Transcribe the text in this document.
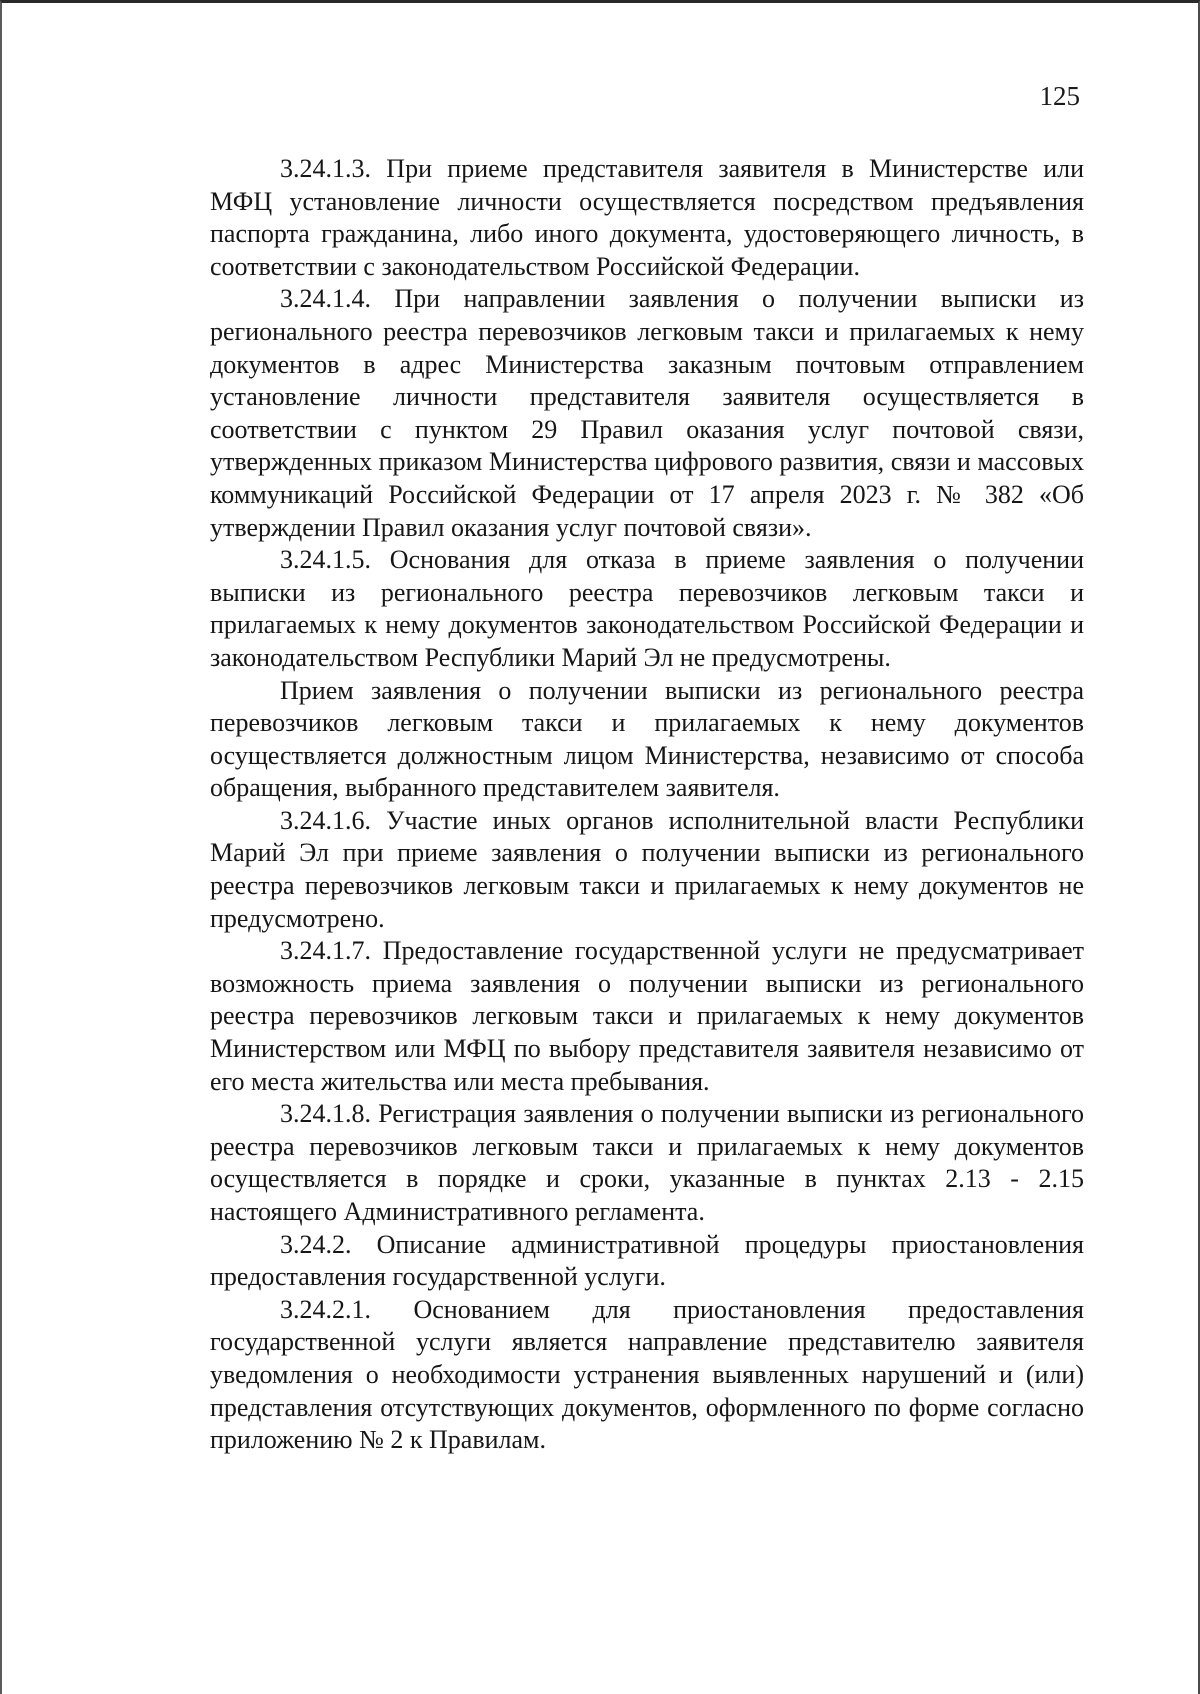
125

3.24.1.3. При приеме представителя заявителя в Министерстве или МФЦ установление личности осуществляется посредством предъявления паспорта гражданина, либо иного документа, удостоверяющего личность, в соответствии с законодательством Российской Федерации.

3.24.1.4. При направлении заявления о получении выписки из регионального реестра перевозчиков легковым такси и прилагаемых к нему документов в адрес Министерства заказным почтовым отправлением установление личности представителя заявителя осуществляется в соответствии с пунктом 29 Правил оказания услуг почтовой связи, утвержденных приказом Министерства цифрового развития, связи и массовых коммуникаций Российской Федерации от 17 апреля 2023 г. № 382 «Об утверждении Правил оказания услуг почтовой связи».

3.24.1.5. Основания для отказа в приеме заявления о получении выписки из регионального реестра перевозчиков легковым такси и прилагаемых к нему документов законодательством Российской Федерации и законодательством Республики Марий Эл не предусмотрены.

Прием заявления о получении выписки из регионального реестра перевозчиков легковым такси и прилагаемых к нему документов осуществляется должностным лицом Министерства, независимо от способа обращения, выбранного представителем заявителя.

3.24.1.6. Участие иных органов исполнительной власти Республики Марий Эл при приеме заявления о получении выписки из регионального реестра перевозчиков легковым такси и прилагаемых к нему документов не предусмотрено.

3.24.1.7. Предоставление государственной услуги не предусматривает возможность приема заявления о получении выписки из регионального реестра перевозчиков легковым такси и прилагаемых к нему документов Министерством или МФЦ по выбору представителя заявителя независимо от его места жительства или места пребывания.

3.24.1.8. Регистрация заявления о получении выписки из регионального реестра перевозчиков легковым такси и прилагаемых к нему документов осуществляется в порядке и сроки, указанные в пунктах 2.13 - 2.15 настоящего Административного регламента.

3.24.2. Описание административной процедуры приостановления предоставления государственной услуги.

3.24.2.1. Основанием для приостановления предоставления государственной услуги является направление представителю заявителя уведомления о необходимости устранения выявленных нарушений и (или) представления отсутствующих документов, оформленного по форме согласно приложению № 2 к Правилам.
